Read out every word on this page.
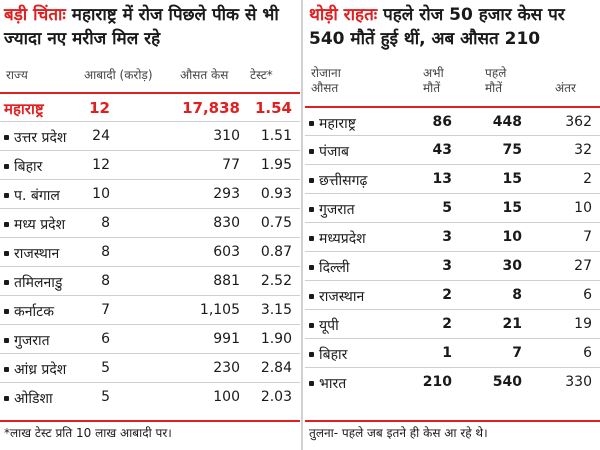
बड़ी चिंताः महाराष्ट्र में रोज पिछले पीक से भी ज्यादा नए मरीज मिल रहे
राज्य	आबादी (करोड़) औसत केस टेस्ट*
महाराष्ट्र	12	17,838 1.54
उत्तर प्रदेश 24	310 1.51
बिहार	12	77 1.95
प. बंगाल 10	293 0.93
मध्य प्रदेश	8	830 0.75
राजस्थान	8	603 0.87
तमिलनाडु	8	881 2.52
कर्नाटक	7	1,105 3.15
गुजरात	6	991 1.90
आंध्र प्रदेश 5	230 2.84
ओडिशा	5	100 2.03
*लाख टेस्ट प्रति 10 लाख आबादी पर।
थोड़ी राहतः पहले रोज 50 हजार केस पर 540 मौतें हुई थीं, अब औसत 210
रोजाना
औसत
अभी
मौतें
पहले
मौतें	अंतर
महाराष्ट्र	86	448	362
पंजाब	43	75	32
छत्तीसगढ़	13	15	2
गुजरात	5	15	10
मध्यप्रदेश	3	10	7
दिल्ली	3	30	27
राजस्थान	2	8	6
यूपी	2	21	19
बिहार	1	7	6
भारत	210	540	330
तुलना- पहले जब इतने ही केस आ रहे थे।
